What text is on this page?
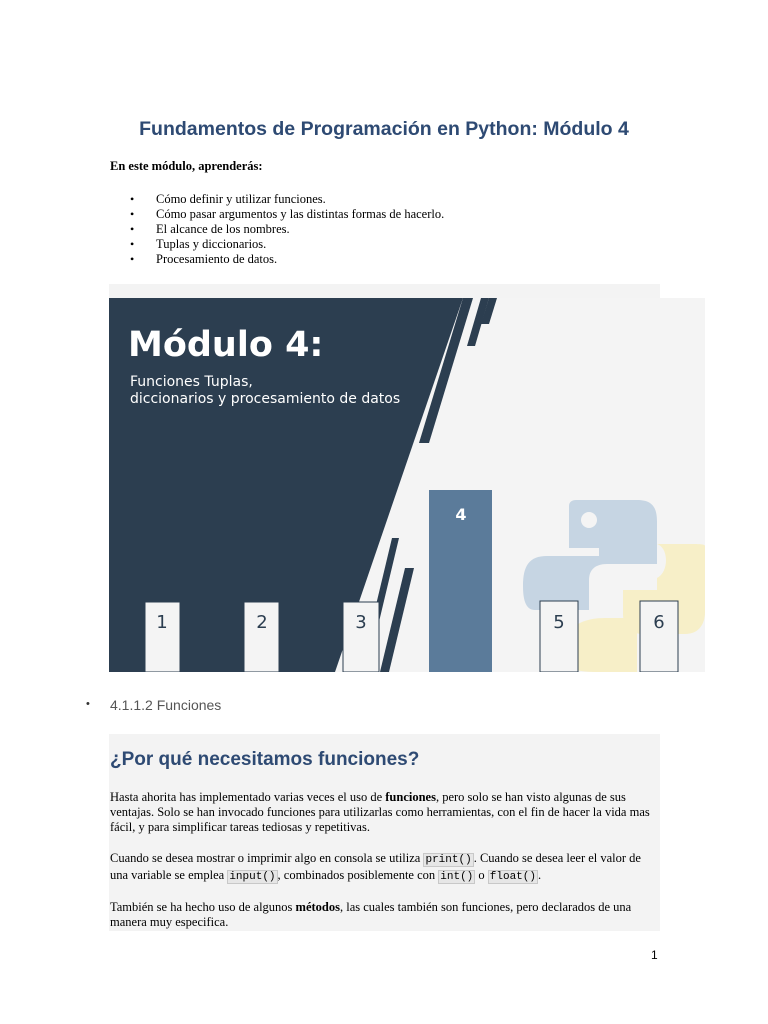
Fundamentos de Programación en Python: Módulo 4
En este módulo, aprenderás:
• Cómo definir y utilizar funciones.
• Cómo pasar argumentos y las distintas formas de hacerlo.
• El alcance de los nombres.
• Tuplas y diccionarios.
• Procesamiento de datos.
Módulo 4:
Funciones Tuplas,
diccionarios y procesamiento de datos
1	2	3
4
5	6
• 4.1.1.2 Funciones
¿Por qué necesitamos funciones?

Hasta ahorita has implementado varias veces el uso de funciones, pero solo se han visto algunas de sus ventajas. Solo se han invocado funciones para utilizarlas como herramientas, con el fin de hacer la vida mas fácil, y para simplificar tareas tediosas y repetitivas.

Cuando se desea mostrar o imprimir algo en consola se utiliza print() . Cuando se desea leer el valor de una variable se emplea input() , combinados posiblemente con int() o float() .

También se ha hecho uso de algunos métodos, las cuales también son funciones, pero declarados de una manera muy especifica.

1
